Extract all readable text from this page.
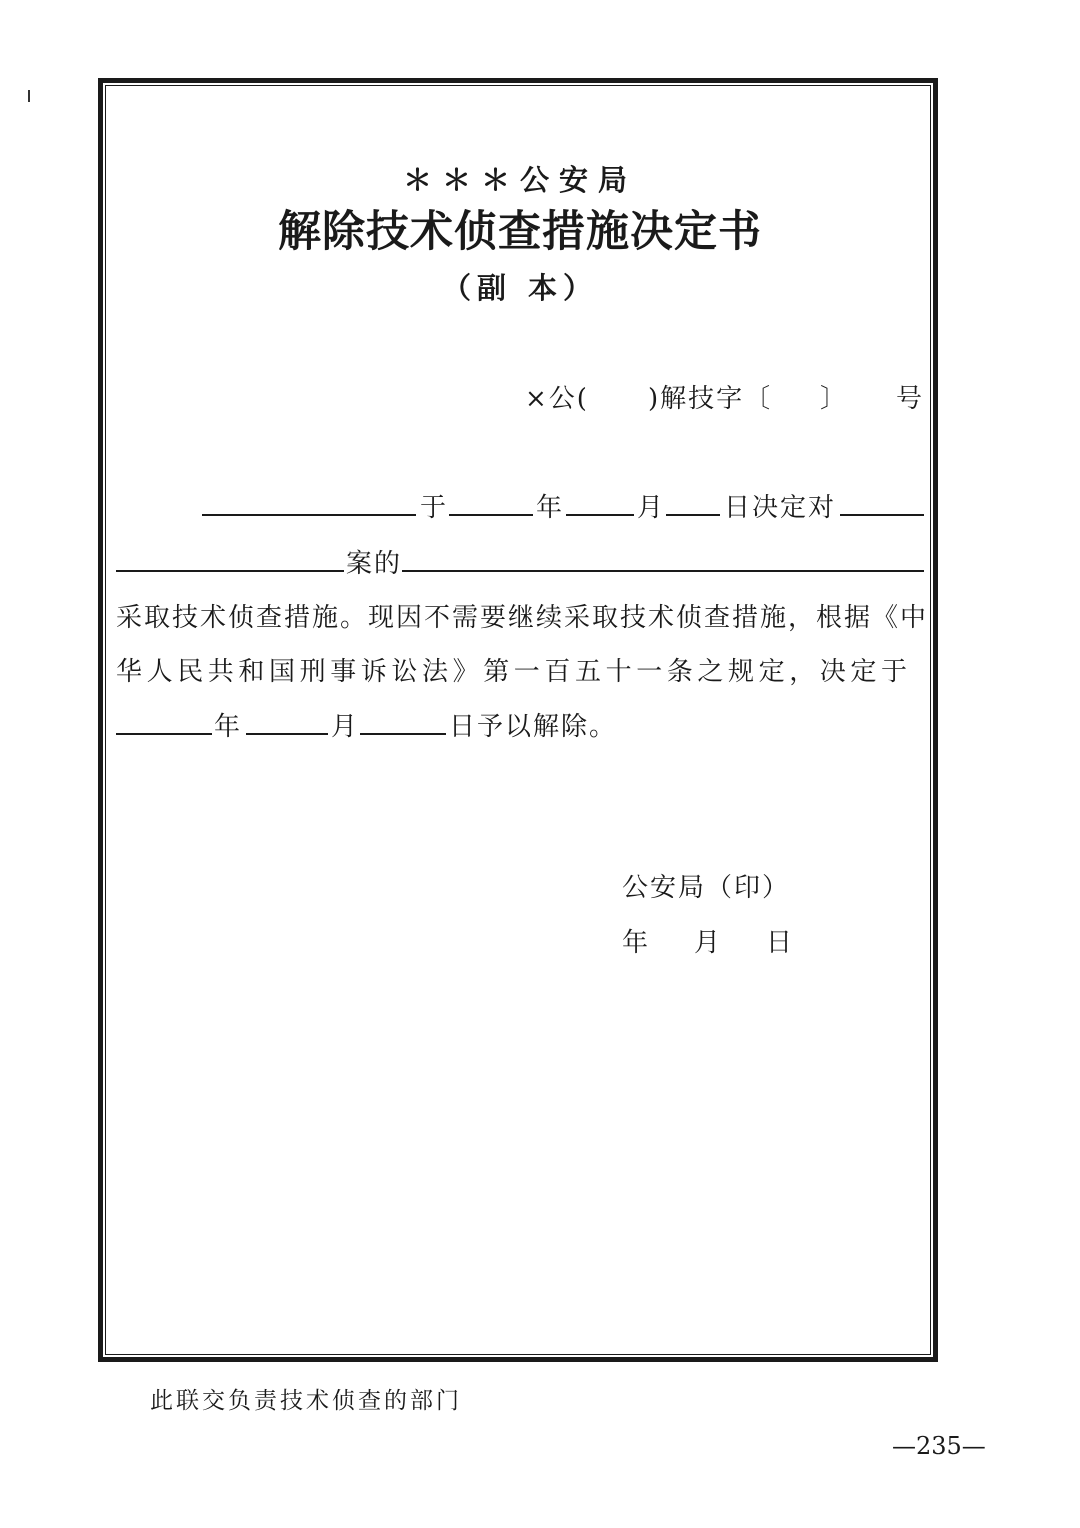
＊＊＊公安局
解除技术侦查措施决定书
（副 本）
×公( )解技字〔 〕 号
于	年	月 日决定对
案的
采取技术侦查措施。现因不需要继续采取技术侦查措施，根据《中
华人民共和国刑事诉讼法》第一百五十一条之规定，决定于
年	月	日予以解除。
公安局（印）
年 月 日
此联交负责技术侦查的部门
—235—
